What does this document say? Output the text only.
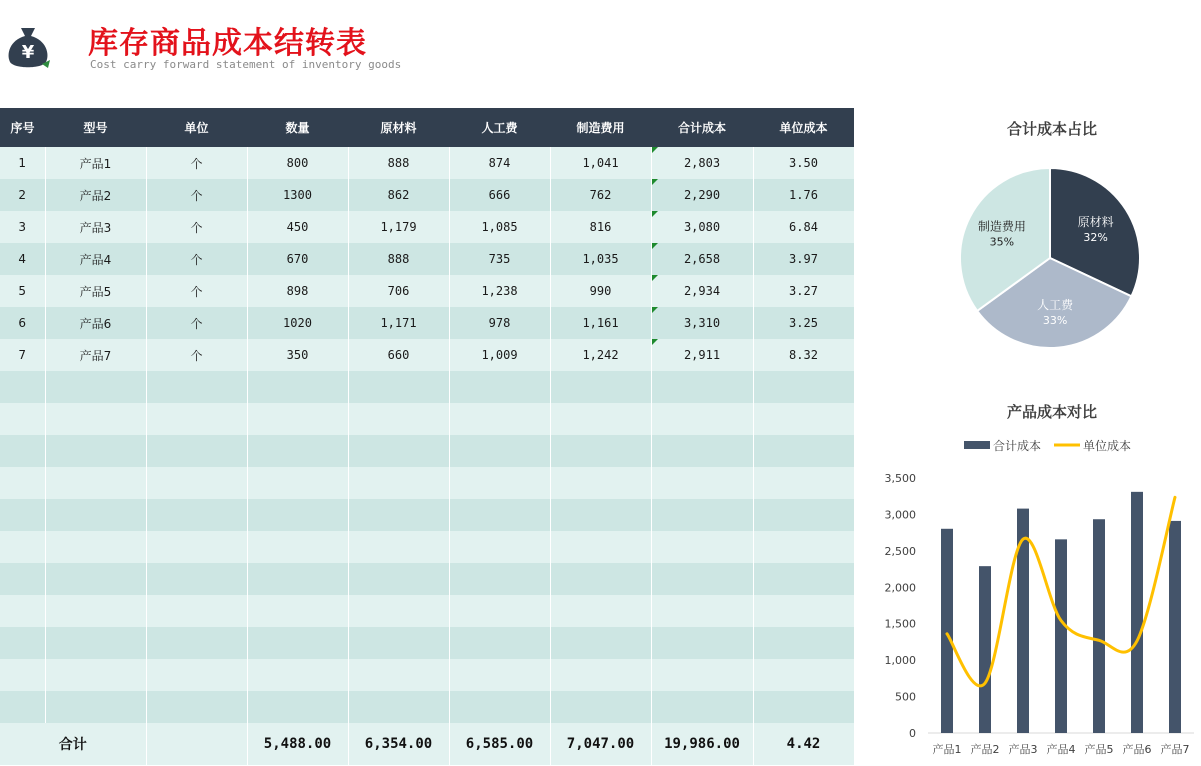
¥ 库存商品成本结转表
Cost carry forward statement of inventory goods
序号	型号	单位	数量	原材料	人工费	制造费用	合计成本	单位成本
1	产品1	个	800	888	874	1,041	2,803	3.50
2	产品2	个	1300	862	666	762	2,290	1.76
3	产品3	个	450	1,179	1,085	816	3,080	6.84
4	产品4	个	670	888	735	1,035	2,658	3.97
5	产品5	个	898	706	1,238	990	2,934	3.27
6	产品6	个	1020	1,171	978	1,161	3,310	3.25
7	产品7	个	350	660	1,009	1,242	2,911	8.32

合计			5,488.00	6,354.00	6,585.00	7,047.00	19,986.00	4.42
合计成本占比
原材料
32%
人工费
33%
制造费用
35%
产品成本对比
合计成本	单位成本
0
500
1,000
1,500
2,000
2,500
3,000
3,500
产品1 产品2 产品3 产品4 产品5 产品6 产品7
